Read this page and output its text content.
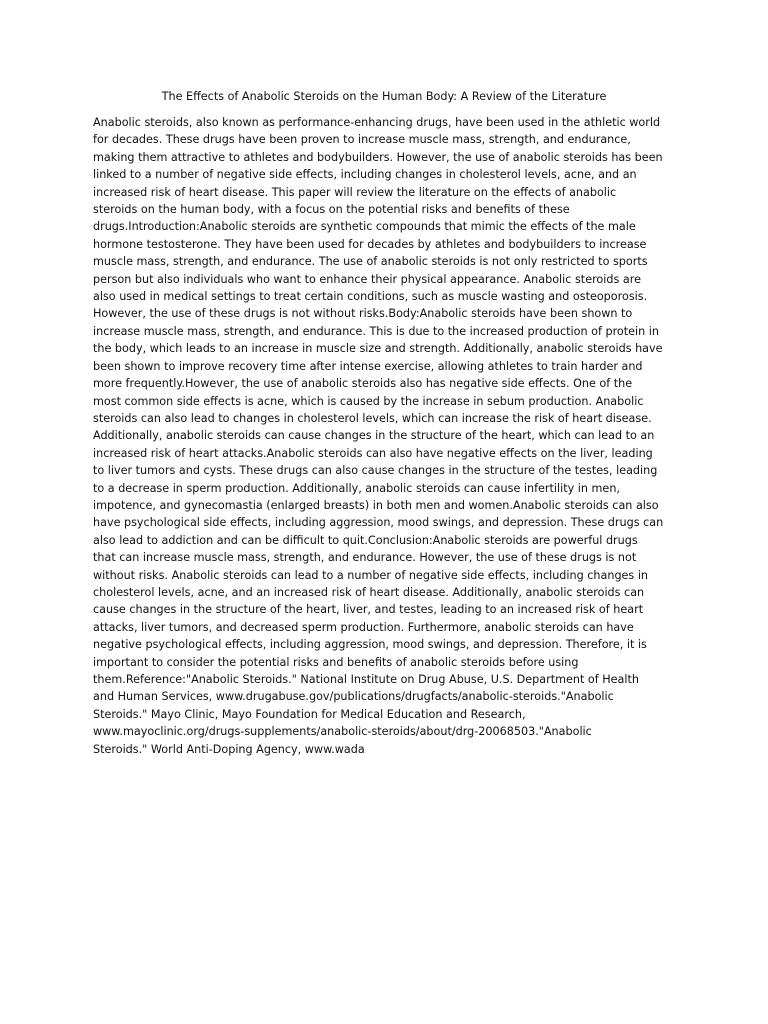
The Effects of Anabolic Steroids on the Human Body: A Review of the Literature

Anabolic steroids, also known as performance-enhancing drugs, have been used in the athletic world
for decades. These drugs have been proven to increase muscle mass, strength, and endurance,
making them attractive to athletes and bodybuilders. However, the use of anabolic steroids has been
linked to a number of negative side effects, including changes in cholesterol levels, acne, and an
increased risk of heart disease. This paper will review the literature on the effects of anabolic
steroids on the human body, with a focus on the potential risks and benefits of these
drugs.Introduction:Anabolic steroids are synthetic compounds that mimic the effects of the male
hormone testosterone. They have been used for decades by athletes and bodybuilders to increase
muscle mass, strength, and endurance. The use of anabolic steroids is not only restricted to sports
person but also individuals who want to enhance their physical appearance. Anabolic steroids are
also used in medical settings to treat certain conditions, such as muscle wasting and osteoporosis.
However, the use of these drugs is not without risks.Body:Anabolic steroids have been shown to
increase muscle mass, strength, and endurance. This is due to the increased production of protein in
the body, which leads to an increase in muscle size and strength. Additionally, anabolic steroids have
been shown to improve recovery time after intense exercise, allowing athletes to train harder and
more frequently.However, the use of anabolic steroids also has negative side effects. One of the
most common side effects is acne, which is caused by the increase in sebum production. Anabolic
steroids can also lead to changes in cholesterol levels, which can increase the risk of heart disease.
Additionally, anabolic steroids can cause changes in the structure of the heart, which can lead to an
increased risk of heart attacks.Anabolic steroids can also have negative effects on the liver, leading
to liver tumors and cysts. These drugs can also cause changes in the structure of the testes, leading
to a decrease in sperm production. Additionally, anabolic steroids can cause infertility in men,
impotence, and gynecomastia (enlarged breasts) in both men and women.Anabolic steroids can also
have psychological side effects, including aggression, mood swings, and depression. These drugs can
also lead to addiction and can be difficult to quit.Conclusion:Anabolic steroids are powerful drugs
that can increase muscle mass, strength, and endurance. However, the use of these drugs is not
without risks. Anabolic steroids can lead to a number of negative side effects, including changes in
cholesterol levels, acne, and an increased risk of heart disease. Additionally, anabolic steroids can
cause changes in the structure of the heart, liver, and testes, leading to an increased risk of heart
attacks, liver tumors, and decreased sperm production. Furthermore, anabolic steroids can have
negative psychological effects, including aggression, mood swings, and depression. Therefore, it is
important to consider the potential risks and benefits of anabolic steroids before using
them.Reference:"Anabolic Steroids." National Institute on Drug Abuse, U.S. Department of Health
and Human Services, www.drugabuse.gov/publications/drugfacts/anabolic-steroids."Anabolic
Steroids." Mayo Clinic, Mayo Foundation for Medical Education and Research,
www.mayoclinic.org/drugs-supplements/anabolic-steroids/about/drg-20068503."Anabolic
Steroids." World Anti-Doping Agency, www.wada
